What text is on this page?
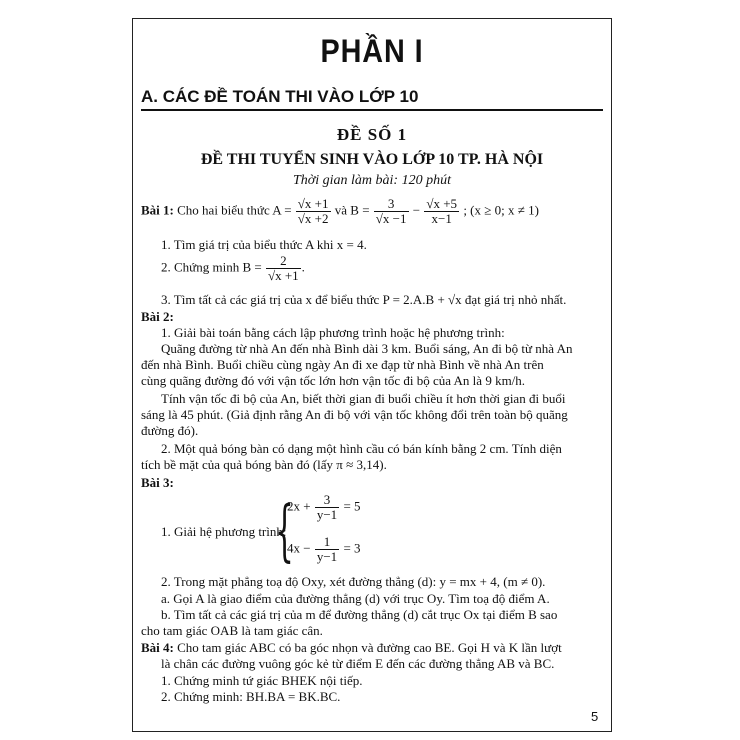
PHẦN I
A. CÁC ĐỀ TOÁN THI VÀO LỚP 10
ĐỀ SỐ 1
ĐỀ THI TUYỂN SINH VÀO LỚP 10 TP. HÀ NỘI
Thời gian làm bài: 120 phút
Bài 1: Cho hai biểu thức $A = \frac{√x +1}{√x +2}$ và $B = \frac{3}{√x -1} - \frac{√x +5}{x-1}$ ; (x ≥ 0; x ≠ 1)
1. Tìm giá trị của biểu thức A khi x = 4.
2. Chứng minh $B = \frac{2}{√x +1}$ .
3. Tìm tất cả các giá trị của x để biểu thức P = 2.A.B + √x đạt giá trị nhỏ nhất.
Bài 2:
1. Giải bài toán bằng cách lập phương trình hoặc hệ phương trình:
Quãng đường từ nhà An đến nhà Bình dài 3 km. Buổi sáng, An đi bộ từ nhà An
đến nhà Bình. Buổi chiều cùng ngày An đi xe đạp từ nhà Bình về nhà An trên
cùng quãng đường đó với vận tốc lớn hơn vận tốc đi bộ của An là 9 km/h.
Tính vận tốc đi bộ của An, biết thời gian đi buổi chiều ít hơn thời gian đi buổi
sáng là 45 phút. (Giả định rằng An đi bộ với vận tốc không đổi trên toàn bộ quãng
đường đó).
2. Một quả bóng bàn có dạng một hình cầu có bán kính bằng 2 cm. Tính diện
tích bề mặt của quả bóng bàn đó (lấy π ≈ 3,14).
Bài 3:
1. Giải hệ phương trình:
{
$2x + \frac{3}{y-1} = 5$
$4x - \frac{1}{y-1} = 3$
2. Trong mặt phẳng toạ độ Oxy, xét đường thẳng (d): y = mx + 4, (m ≠ 0).
a. Gọi A là giao điểm của đường thẳng (d) với trục Oy. Tìm toạ độ điểm A.
b. Tìm tất cả các giá trị của m để đường thẳng (d) cắt trục Ox tại điểm B sao
cho tam giác OAB là tam giác cân.
Bài 4: Cho tam giác ABC có ba góc nhọn và đường cao BE. Gọi H và K lần lượt
là chân các đường vuông góc kẻ từ điểm E đến các đường thẳng AB và BC.
1. Chứng minh tứ giác BHEK nội tiếp.
2. Chứng minh: BH.BA = BK.BC.
5
